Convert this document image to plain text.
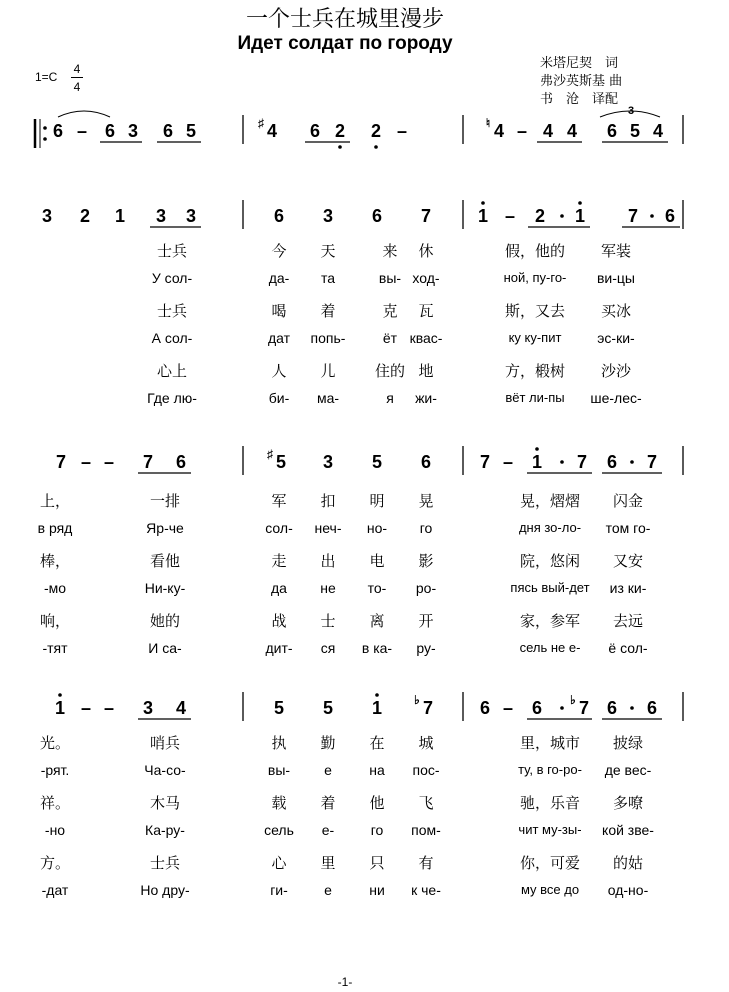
一个士兵在城里漫步
Идет солдат по городу
米塔尼契　词
弗沙英斯基 曲
书　沧　译配
1=C
4
4
6 – 6 3 6 5	♯ 4 6 2 2 –	♮ 4 – 4 4 6 5 4
3
3 2 1 3 3	6 3 6 7	1 – 2 1 7 6
7 – – 7 6	♯ 5 3 5 6	7 – 1 7 6 7
1 – – 3 4	5 5 1	♭ 7	6 – 6 ♭ 7 6 6
士兵	今	天	来	休	假，他的	军装
У сол-	да-	та	вы- ход-	ной, пу-го-	ви-цы
士兵	喝	着	克	瓦	斯，又去	买冰
А сол-	дат	попь-	ёт квас-	ку ку-пит	эс-ки-
心上	人	儿	住的 地	方，椴树	沙沙
Где лю-	би-	ма-	я	жи-	вёт ли-пы	ше-лес-
上，	一排	军	扣	明	晃	晃，熠熠	闪金
в ряд	Яр-че	сол-	неч-	но-	го	дня зо-ло-	том го-
棒，	看他	走	出	电	影	院，悠闲	又安
-мо	Ни-ку-	да	не	то-	ро-	пясь вый-дет	из ки-
响，	她的	战	士	离	开	家，参军	去远
-тят	И са-	дит-	ся	в ка-	ру-	сель не е-	ё сол-
光。	哨兵	执	勤	在	城	里，城市	披绿
-рят.	Ча-со-	вы-	е	на	пос-	ту, в го-ро-	де вес-
祥。	木马	载	着	他	飞	驰，乐音	多嘹
-но	Ка-ру-	сель	е-	го	пом-	чит му-зы-	кой зве-
方。	士兵	心	里	只	有	你，可爱	的姑
-дат	Но дру-	ги-	е	ни	к че-	му все до	од-но-
-1-
